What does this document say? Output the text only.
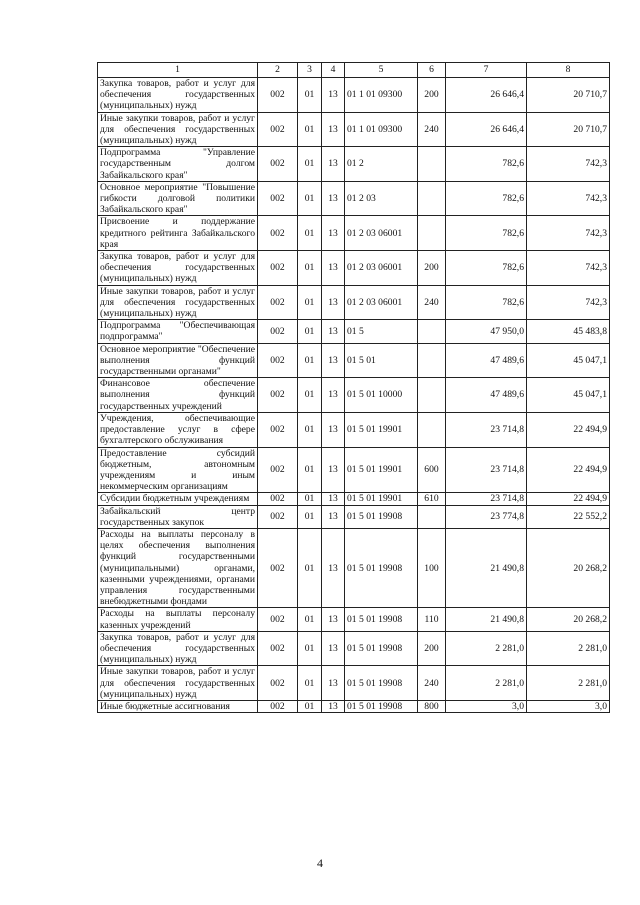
1	2	3	4	5	6	7	8
Закупка товаров, работ и услуг для обеспечения государственных (муниципальных) нужд	002	01	13	01 1 01 09300	200	26 646,4	20 710,7
Иные закупки товаров, работ и услуг для обеспечения государственных (муниципальных) нужд	002	01	13	01 1 01 09300	240	26 646,4	20 710,7
Подпрограмма "Управление государственным долгом Забайкальского края"	002	01	13	01 2		782,6	742,3
Основное мероприятие "Повышение гибкости долговой политики Забайкальского края"	002	01	13	01 2 03		782,6	742,3
Присвоение и поддержание кредитного рейтинга Забайкальского края	002	01	13	01 2 03 06001		782,6	742,3
Закупка товаров, работ и услуг для обеспечения государственных (муниципальных) нужд	002	01	13	01 2 03 06001	200	782,6	742,3
Иные закупки товаров, работ и услуг для обеспечения государственных (муниципальных) нужд	002	01	13	01 2 03 06001	240	782,6	742,3
Подпрограмма "Обеспечивающая подпрограмма"	002	01	13	01 5		47 950,0	45 483,8
Основное мероприятие "Обеспечение выполнения функций государственными органами"	002	01	13	01 5 01		47 489,6	45 047,1
Финансовое обеспечение выполнения функций государственных учреждений	002	01	13	01 5 01 10000		47 489,6	45 047,1
Учреждения, обеспечивающие предоставление услуг в сфере бухгалтерского обслуживания	002	01	13	01 5 01 19901		23 714,8	22 494,9
Предоставление субсидий бюджетным, автономным учреждениям и иным некоммерческим организациям	002	01	13	01 5 01 19901	600	23 714,8	22 494,9
Субсидии бюджетным учреждениям	002	01	13	01 5 01 19901	610	23 714,8	22 494,9
Забайкальский центр государственных закупок	002	01	13	01 5 01 19908		23 774,8	22 552,2
Расходы на выплаты персоналу в целях обеспечения выполнения функций государственными (муниципальными) органами, казенными учреждениями, органами управления государственными внебюджетными фондами	002	01	13	01 5 01 19908	100	21 490,8	20 268,2
Расходы на выплаты персоналу казенных учреждений	002	01	13	01 5 01 19908	110	21 490,8	20 268,2
Закупка товаров, работ и услуг для обеспечения государственных (муниципальных) нужд	002	01	13	01 5 01 19908	200	2 281,0	2 281,0
Иные закупки товаров, работ и услуг для обеспечения государственных (муниципальных) нужд	002	01	13	01 5 01 19908	240	2 281,0	2 281,0
Иные бюджетные ассигнования	002	01	13	01 5 01 19908	800	3,0	3,0
4
